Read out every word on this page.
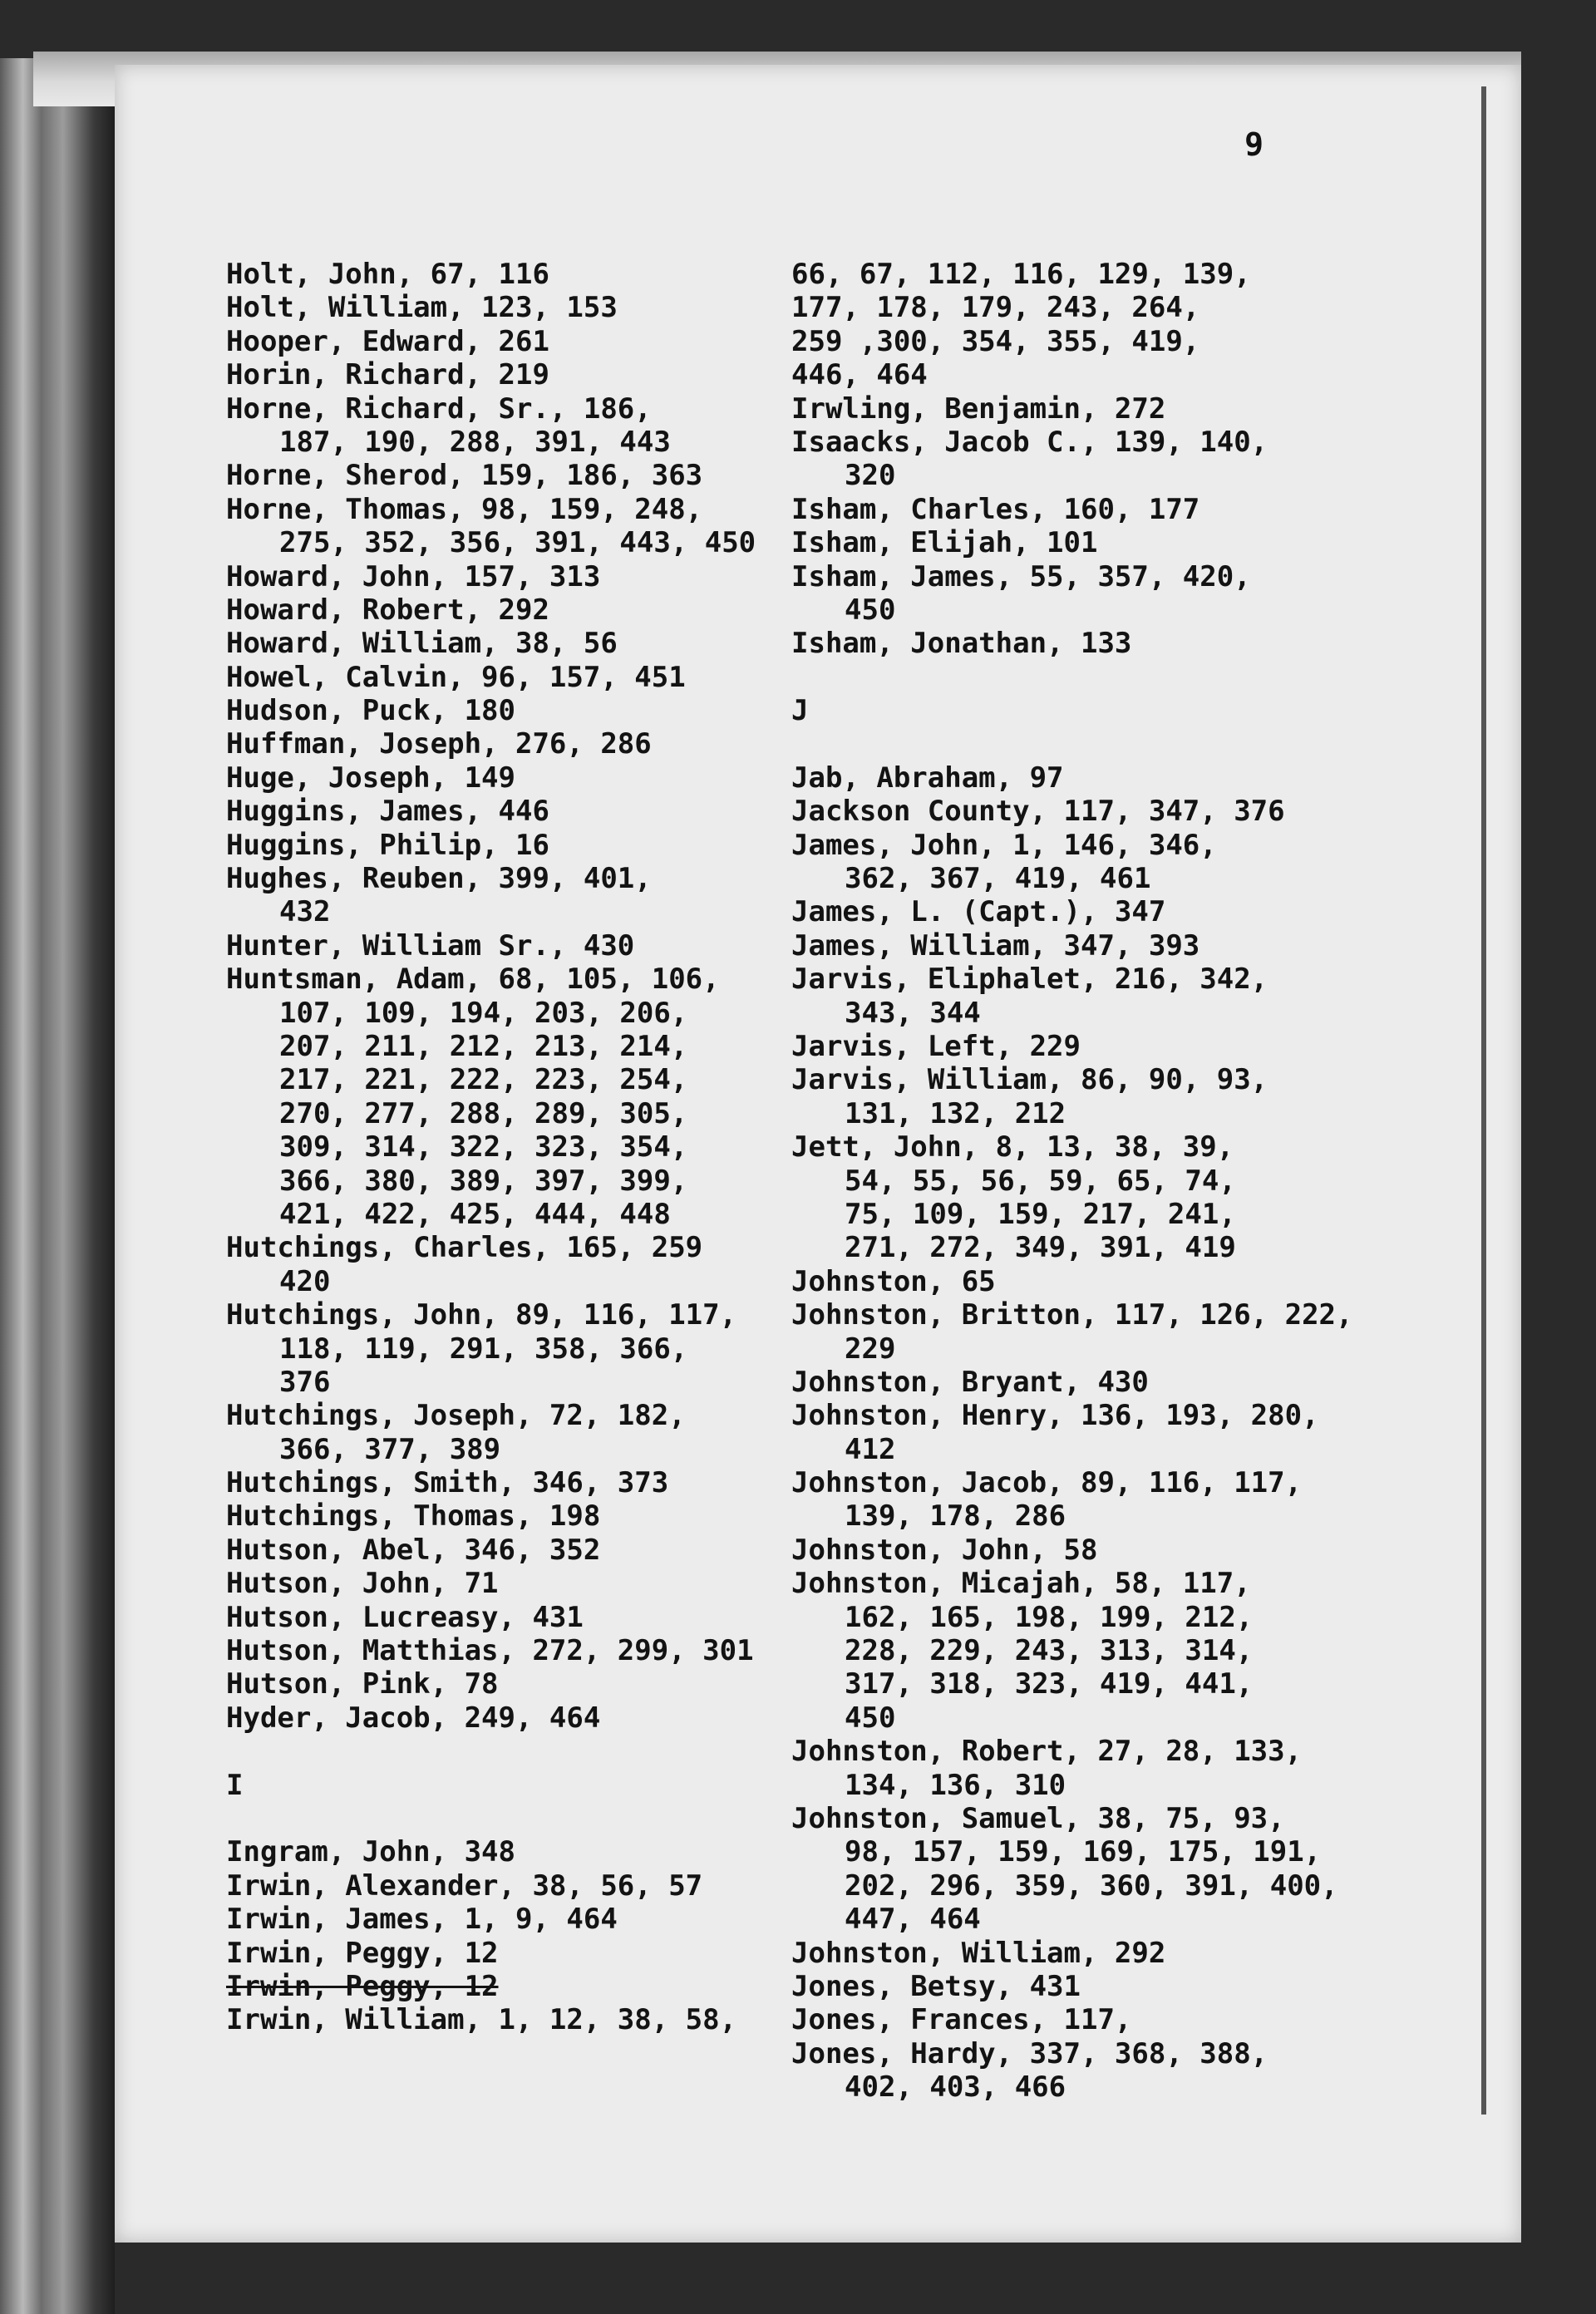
9
Holt, John, 67, 116
Holt, William, 123, 153
Hooper, Edward, 261
Horin, Richard, 219
Horne, Richard, Sr., 186,
187, 190, 288, 391, 443
Horne, Sherod, 159, 186, 363
Horne, Thomas, 98, 159, 248,
275, 352, 356, 391, 443, 450
Howard, John, 157, 313
Howard, Robert, 292
Howard, William, 38, 56
Howel, Calvin, 96, 157, 451
Hudson, Puck, 180
Huffman, Joseph, 276, 286
Huge, Joseph, 149
Huggins, James, 446
Huggins, Philip, 16
Hughes, Reuben, 399, 401,
432
Hunter, William Sr., 430
Huntsman, Adam, 68, 105, 106,
107, 109, 194, 203, 206,
207, 211, 212, 213, 214,
217, 221, 222, 223, 254,
270, 277, 288, 289, 305,
309, 314, 322, 323, 354,
366, 380, 389, 397, 399,
421, 422, 425, 444, 448
Hutchings, Charles, 165, 259
420
Hutchings, John, 89, 116, 117,
118, 119, 291, 358, 366,
376
Hutchings, Joseph, 72, 182,
366, 377, 389
Hutchings, Smith, 346, 373
Hutchings, Thomas, 198
Hutson, Abel, 346, 352
Hutson, John, 71
Hutson, Lucreasy, 431
Hutson, Matthias, 272, 299, 301
Hutson, Pink, 78
Hyder, Jacob, 249, 464
I
Ingram, John, 348
Irwin, Alexander, 38, 56, 57
Irwin, James, 1, 9, 464
Irwin, Peggy, 12
Irwin, Peggy, 12
Irwin, William, 1, 12, 38, 58,
66, 67, 112, 116, 129, 139,
177, 178, 179, 243, 264,
259 ,300, 354, 355, 419,
446, 464
Irwling, Benjamin, 272
Isaacks, Jacob C., 139, 140,
320
Isham, Charles, 160, 177
Isham, Elijah, 101
Isham, James, 55, 357, 420,
450
Isham, Jonathan, 133
J
Jab, Abraham, 97
Jackson County, 117, 347, 376
James, John, 1, 146, 346,
362, 367, 419, 461
James, L. (Capt.), 347
James, William, 347, 393
Jarvis, Eliphalet, 216, 342,
343, 344
Jarvis, Left, 229
Jarvis, William, 86, 90, 93,
131, 132, 212
Jett, John, 8, 13, 38, 39,
54, 55, 56, 59, 65, 74,
75, 109, 159, 217, 241,
271, 272, 349, 391, 419
Johnston, 65
Johnston, Britton, 117, 126, 222,
229
Johnston, Bryant, 430
Johnston, Henry, 136, 193, 280,
412
Johnston, Jacob, 89, 116, 117,
139, 178, 286
Johnston, John, 58
Johnston, Micajah, 58, 117,
162, 165, 198, 199, 212,
228, 229, 243, 313, 314,
317, 318, 323, 419, 441,
450
Johnston, Robert, 27, 28, 133,
134, 136, 310
Johnston, Samuel, 38, 75, 93,
98, 157, 159, 169, 175, 191,
202, 296, 359, 360, 391, 400,
447, 464
Johnston, William, 292
Jones, Betsy, 431
Jones, Frances, 117,
Jones, Hardy, 337, 368, 388,
402, 403, 466
